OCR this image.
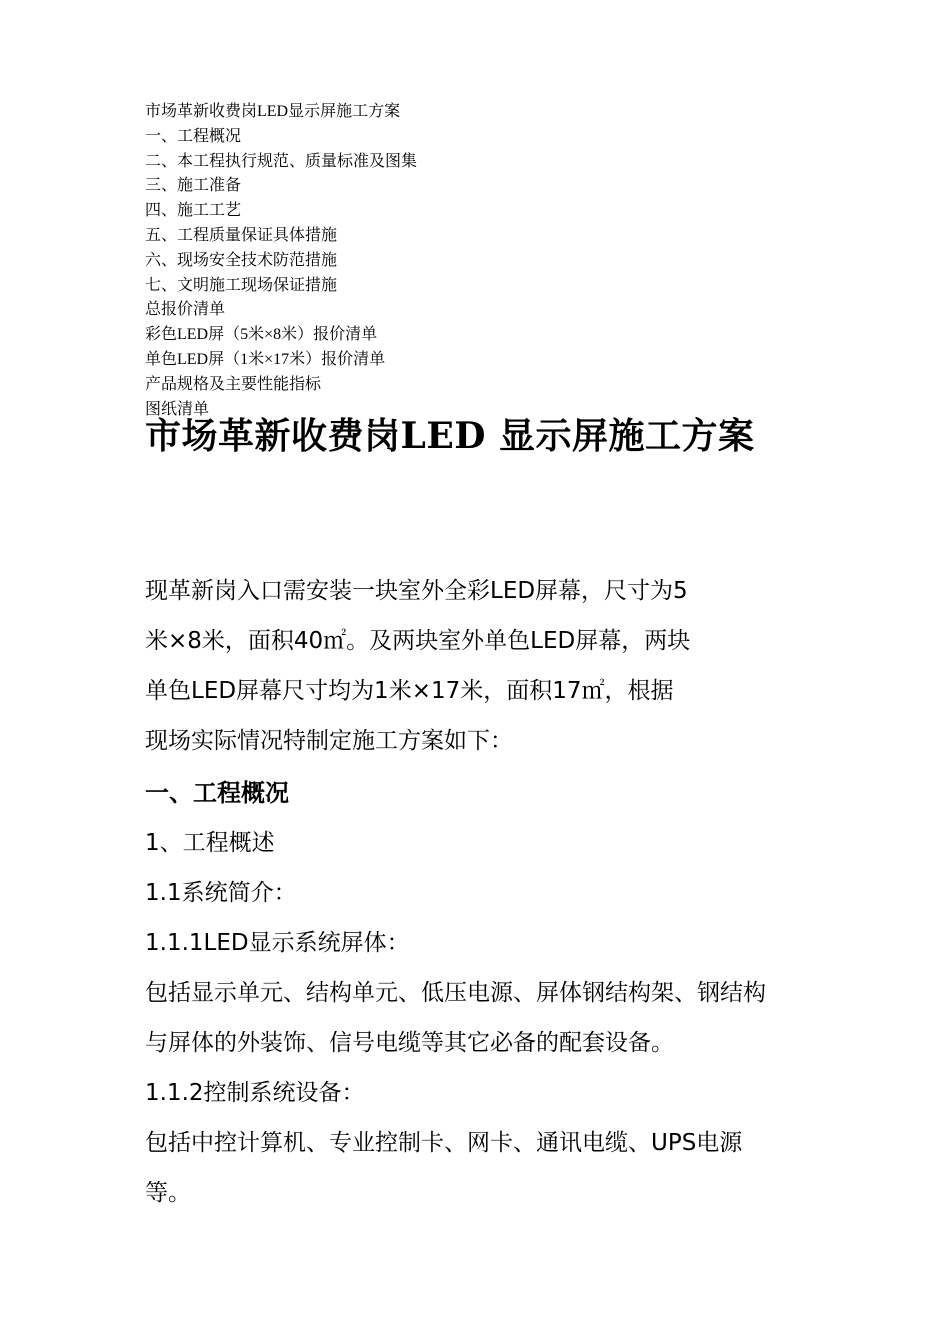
市场革新收费岗LED显示屏施工方案
一、工程概况
二、本工程执行规范、质量标准及图集
三、施工准备
四、施工工艺
五、工程质量保证具体措施
六、现场安全技术防范措施
七、文明施工现场保证措施
总报价清单
彩色LED屏（5米×8米）报价清单
单色LED屏（1米×17米）报价清单
产品规格及主要性能指标
图纸清单
市场革新收费岗LED 显示屏施工方案

现革新岗入口需安装一块室外全彩LED屏幕，尺寸为5

米×8米，面积40㎡。及两块室外单色LED屏幕，两块

单色LED屏幕尺寸均为1米×17米，面积17㎡，根据

现场实际情况特制定施工方案如下：

一、工程概况

1、工程概述

1.1系统简介：

1.1.1LED显示系统屏体：

包括显示单元、结构单元、低压电源、屏体钢结构架、钢结构

与屏体的外装饰、信号电缆等其它必备的配套设备。

1.1.2控制系统设备：

包括中控计算机、专业控制卡、网卡、通讯电缆、UPS电源

等。
